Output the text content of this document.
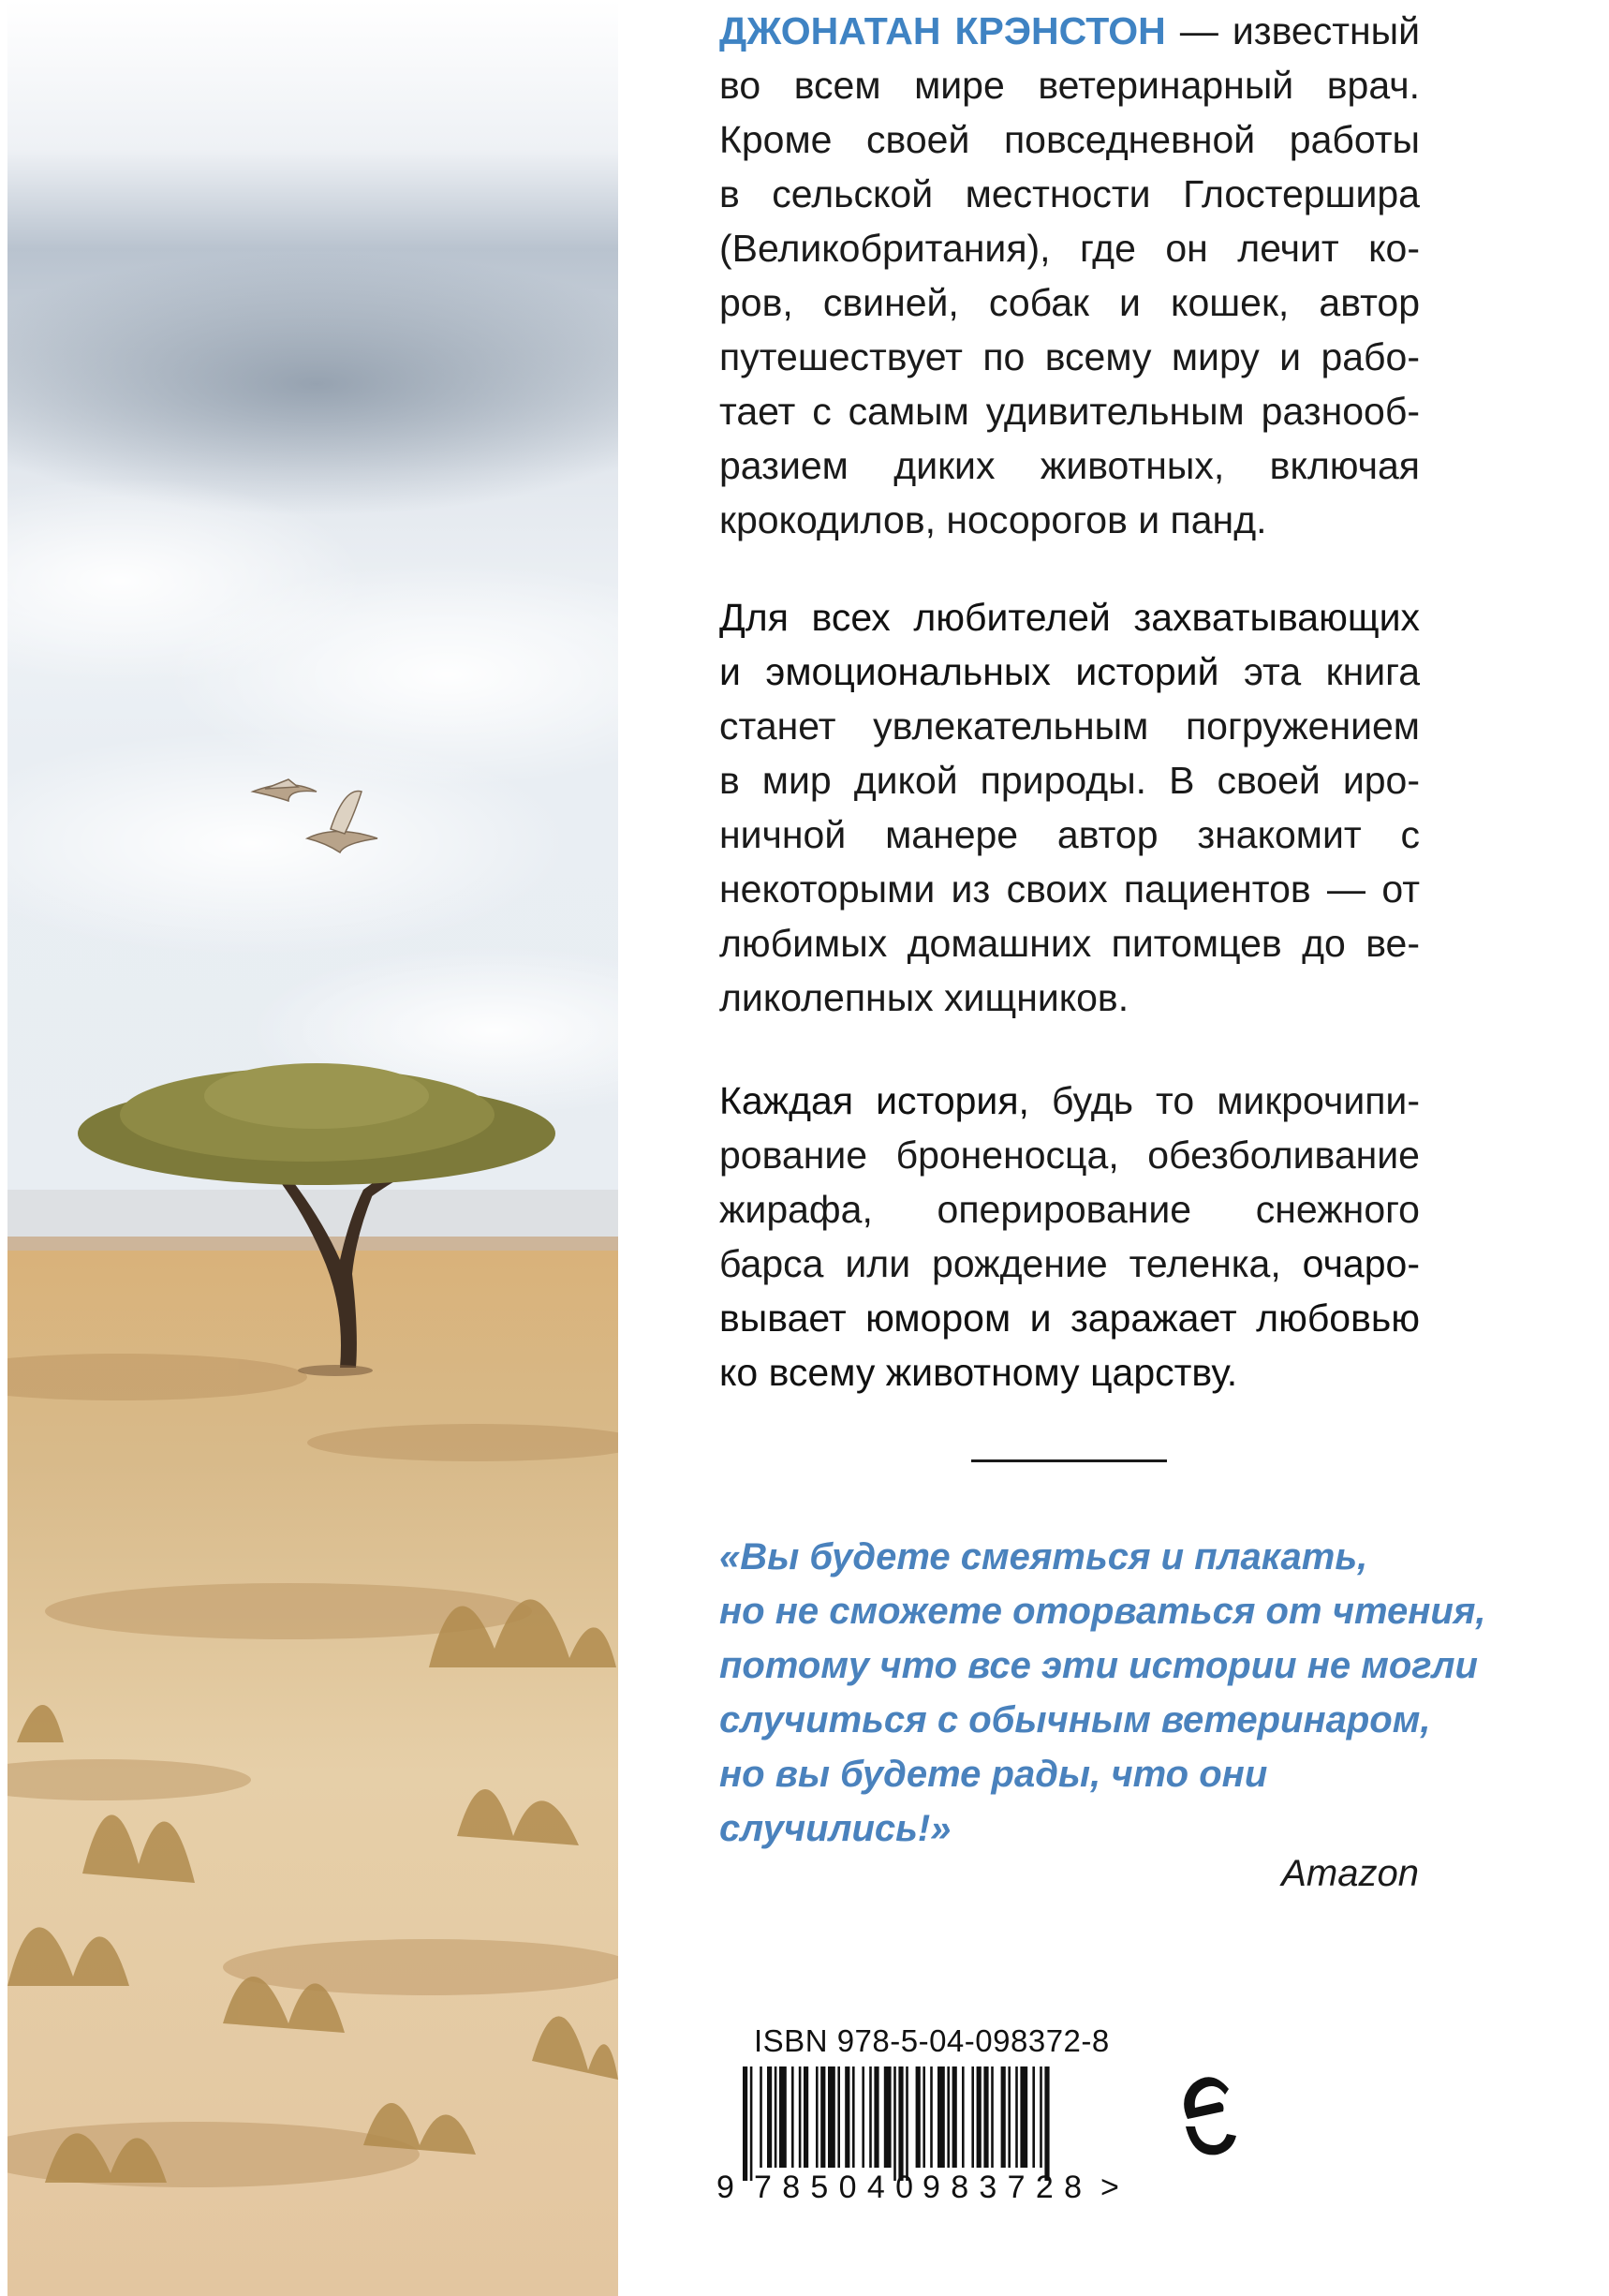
ДЖОНАТАН КРЭНСТОН — известный
во всем мире ветеринарный врач.
Кроме своей повседневной работы
в сельской местности Глостершира
(Великобритания), где он лечит ко-
ров, свиней, собак и кошек, автор
путешествует по всему миру и рабо-
тает с самым удивительным разнооб-
разием диких животных, включая
крокодилов, носорогов и панд.
Для всех любителей захватывающих
и эмоциональных историй эта книга
станет увлекательным погружением
в мир дикой природы. В своей иро-
ничной манере автор знакомит с
некоторыми из своих пациентов — от
любимых домашних питомцев до ве-
ликолепных хищников.
Каждая история, будь то микрочипи-
рование броненосца, обезболивание
жирафа, оперирование снежного
барса или рождение теленка, очаро-
вывает юмором и заражает любовью
ко всему животному царству.
«Вы будете смеяться и плакать,
но не сможете оторваться от чтения,
потому что все эти истории не могли
случиться с обычным ветеринаром,
но вы будете рады, что они
случились!»
Amazon
ISBN 978-5-04-098372-8
9 785040 983728 >
